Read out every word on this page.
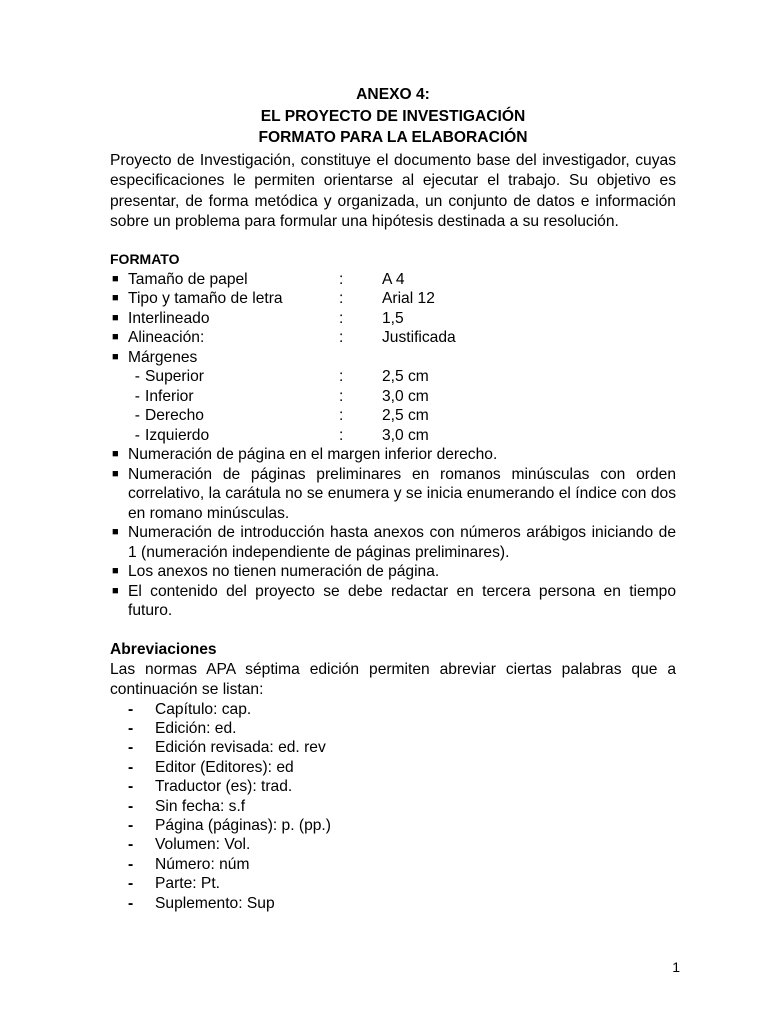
ANEXO 4:

EL PROYECTO DE INVESTIGACIÓN

FORMATO PARA LA ELABORACIÓN

Proyecto de Investigación, constituye el documento base del investigador, cuyas especificaciones le permiten orientarse al ejecutar el trabajo. Su objetivo es presentar, de forma metódica y organizada, un conjunto de datos e información sobre un problema para formular una hipótesis destinada a su resolución.

FORMATO

■ Tamaño de papel	:	A 4
■ Tipo y tamaño de letra	:	Arial 12
■ Interlineado	:	1,5
■ Alineación:	:	Justificada
■ Márgenes
- Superior	:	2,5 cm
- Inferior	:	3,0 cm
- Derecho	:	2,5 cm
- Izquierdo	:	3,0 cm
■ Numeración de página en el margen inferior derecho.
■ Numeración de páginas preliminares en romanos minúsculas con orden correlativo, la carátula no se enumera y se inicia enumerando el índice con dos en romano minúsculas.
■ Numeración de introducción hasta anexos con números arábigos iniciando de 1 (numeración independiente de páginas preliminares).
■ Los anexos no tienen numeración de página.
■ El contenido del proyecto se debe redactar en tercera persona en tiempo futuro.

Abreviaciones

Las normas APA séptima edición permiten abreviar ciertas palabras que a continuación se listan:

-	Capítulo: cap.
-	Edición: ed.
-	Edición revisada: ed. rev
-	Editor (Editores): ed
-	Traductor (es): trad.
-	Sin fecha: s.f
-	Página (páginas): p. (pp.)
-	Volumen: Vol.
-	Número: núm
-	Parte: Pt.
-	Suplemento: Sup
1
